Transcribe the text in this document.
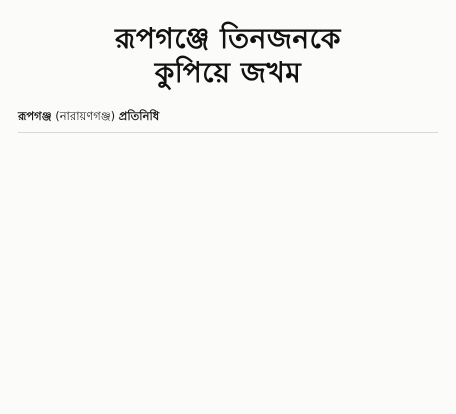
রূপগঞ্জে তিনজনকে
কুপিয়ে জখম
রূপগঞ্জ (নারায়ণগঞ্জ) প্রতিনিধি
